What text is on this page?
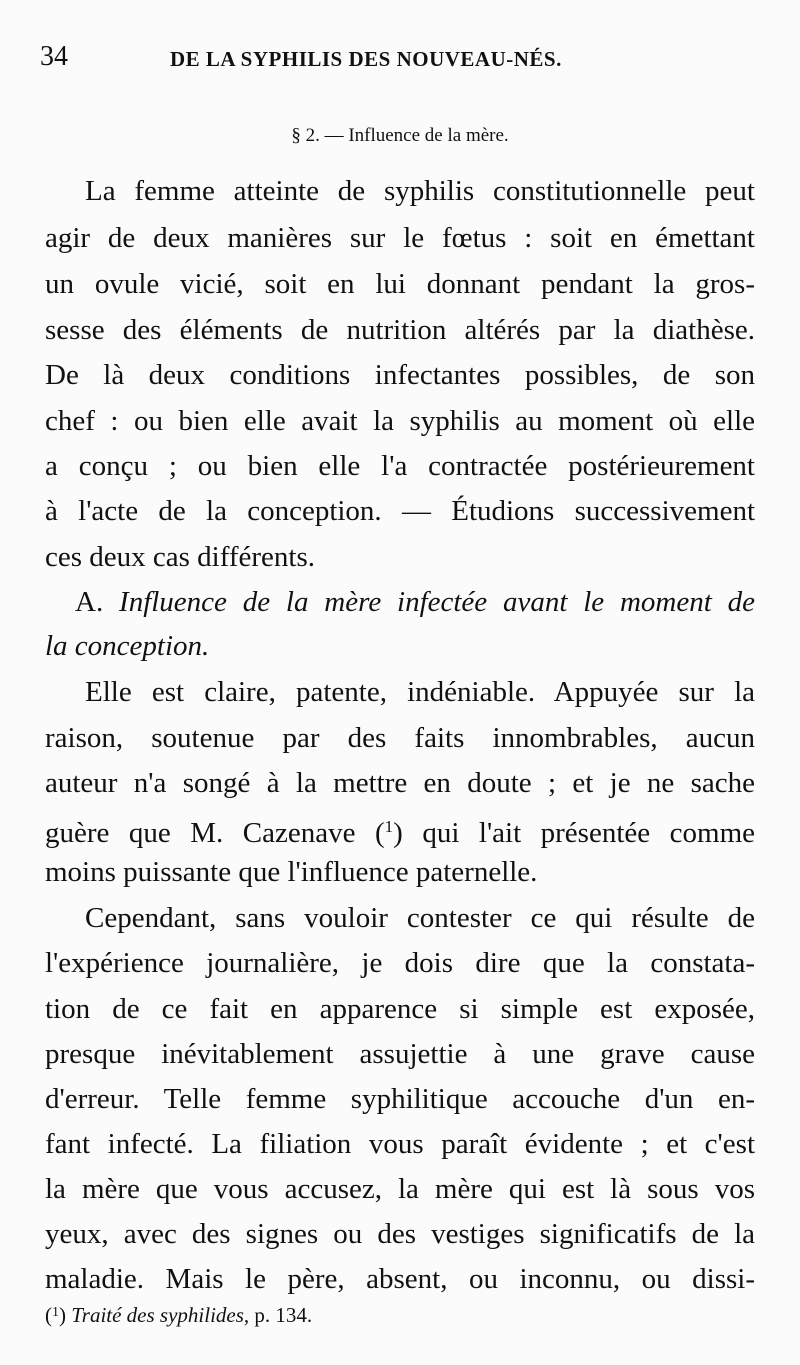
34	DE LA SYPHILIS DES NOUVEAU-NÉS.
§ 2. — Influence de la mère.
La femme atteinte de syphilis constitutionnelle peut
agir de deux manières sur le fœtus : soit en émettant
un ovule vicié, soit en lui donnant pendant la gros-
sesse des éléments de nutrition altérés par la diathèse.
De là deux conditions infectantes possibles, de son
chef : ou bien elle avait la syphilis au moment où elle
a conçu ; ou bien elle l'a contractée postérieurement
à l'acte de la conception. — Étudions successivement
ces deux cas différents.
A. Influence de la mère infectée avant le moment de
la conception.
Elle est claire, patente, indéniable. Appuyée sur la
raison, soutenue par des faits innombrables, aucun
auteur n'a songé à la mettre en doute ; et je ne sache
guère que M. Cazenave ($^1$) qui l'ait présentée comme
moins puissante que l'influence paternelle.
Cependant, sans vouloir contester ce qui résulte de
l'expérience journalière, je dois dire que la constata-
tion de ce fait en apparence si simple est exposée,
presque inévitablement assujettie à une grave cause
d'erreur. Telle femme syphilitique accouche d'un en-
fant infecté. La filiation vous paraît évidente ; et c'est
la mère que vous accusez, la mère qui est là sous vos
yeux, avec des signes ou des vestiges significatifs de la
maladie. Mais le père, absent, ou inconnu, ou dissi-
($^1$) Traité des syphilides, p. 134.
